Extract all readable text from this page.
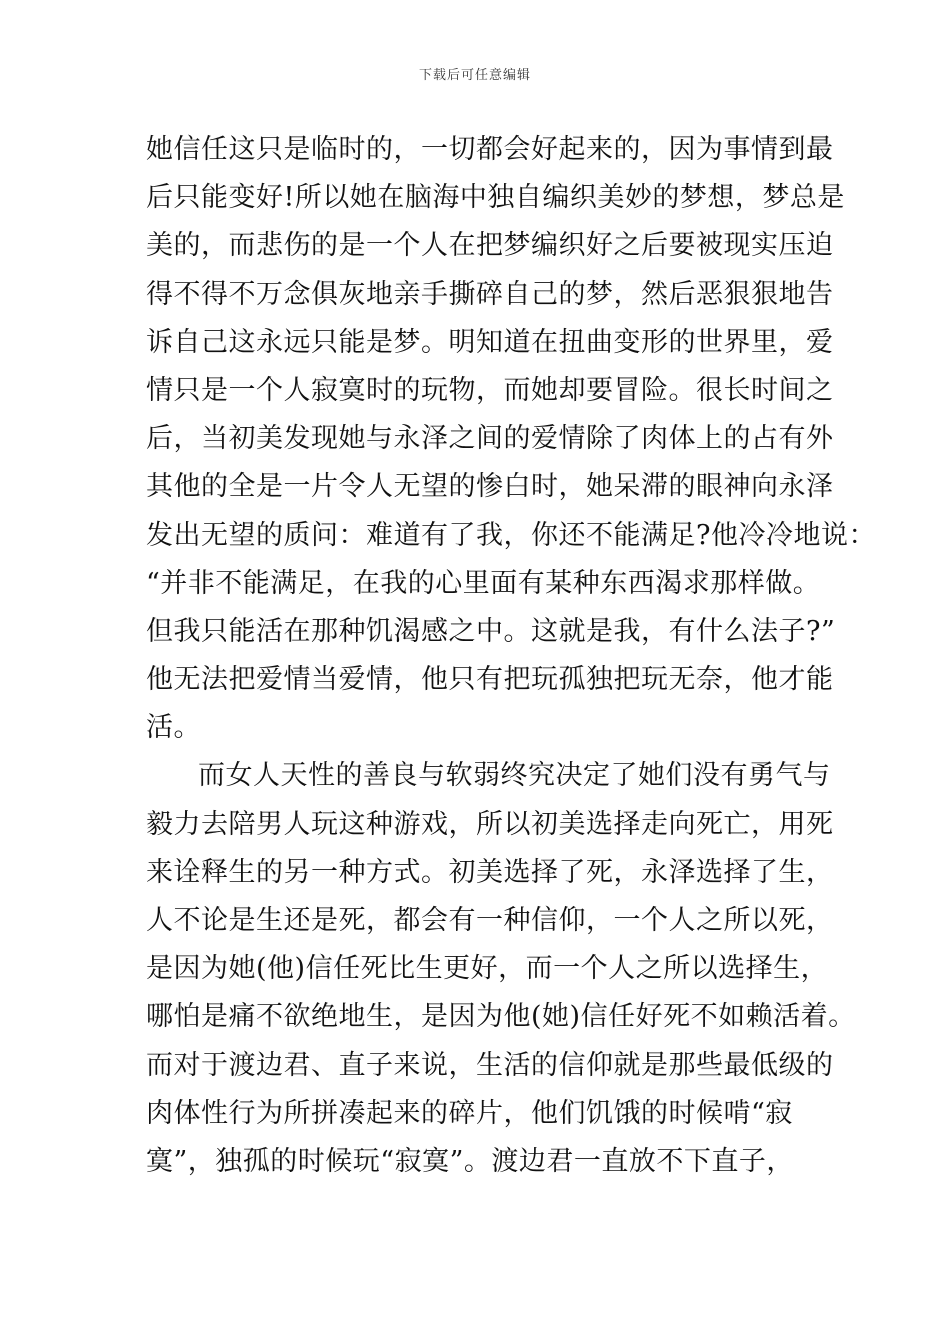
下载后可任意编辑
她信任这只是临时的，一切都会好起来的，因为事情到最
后只能变好!所以她在脑海中独自编织美妙的梦想，梦总是
美的，而悲伤的是一个人在把梦编织好之后要被现实压迫
得不得不万念俱灰地亲手撕碎自己的梦，然后恶狠狠地告
诉自己这永远只能是梦。明知道在扭曲变形的世界里，爱
情只是一个人寂寞时的玩物，而她却要冒险。很长时间之
后，当初美发现她与永泽之间的爱情除了肉体上的占有外
其他的全是一片令人无望的惨白时，她呆滞的眼神向永泽
发出无望的质问：难道有了我，你还不能满足?他冷冷地说：
“并非不能满足，在我的心里面有某种东西渴求那样做。
但我只能活在那种饥渴感之中。这就是我，有什么法子?”
他无法把爱情当爱情，他只有把玩孤独把玩无奈，他才能
活。
而女人天性的善良与软弱终究决定了她们没有勇气与
毅力去陪男人玩这种游戏，所以初美选择走向死亡，用死
来诠释生的另一种方式。初美选择了死，永泽选择了生，
人不论是生还是死，都会有一种信仰，一个人之所以死，
是因为她(他)信任死比生更好，而一个人之所以选择生，
哪怕是痛不欲绝地生，是因为他(她)信任好死不如赖活着。
而对于渡边君、直子来说，生活的信仰就是那些最低级的
肉体性行为所拼凑起来的碎片，他们饥饿的时候啃“寂
寞”，独孤的时候玩“寂寞”。渡边君一直放不下直子，
